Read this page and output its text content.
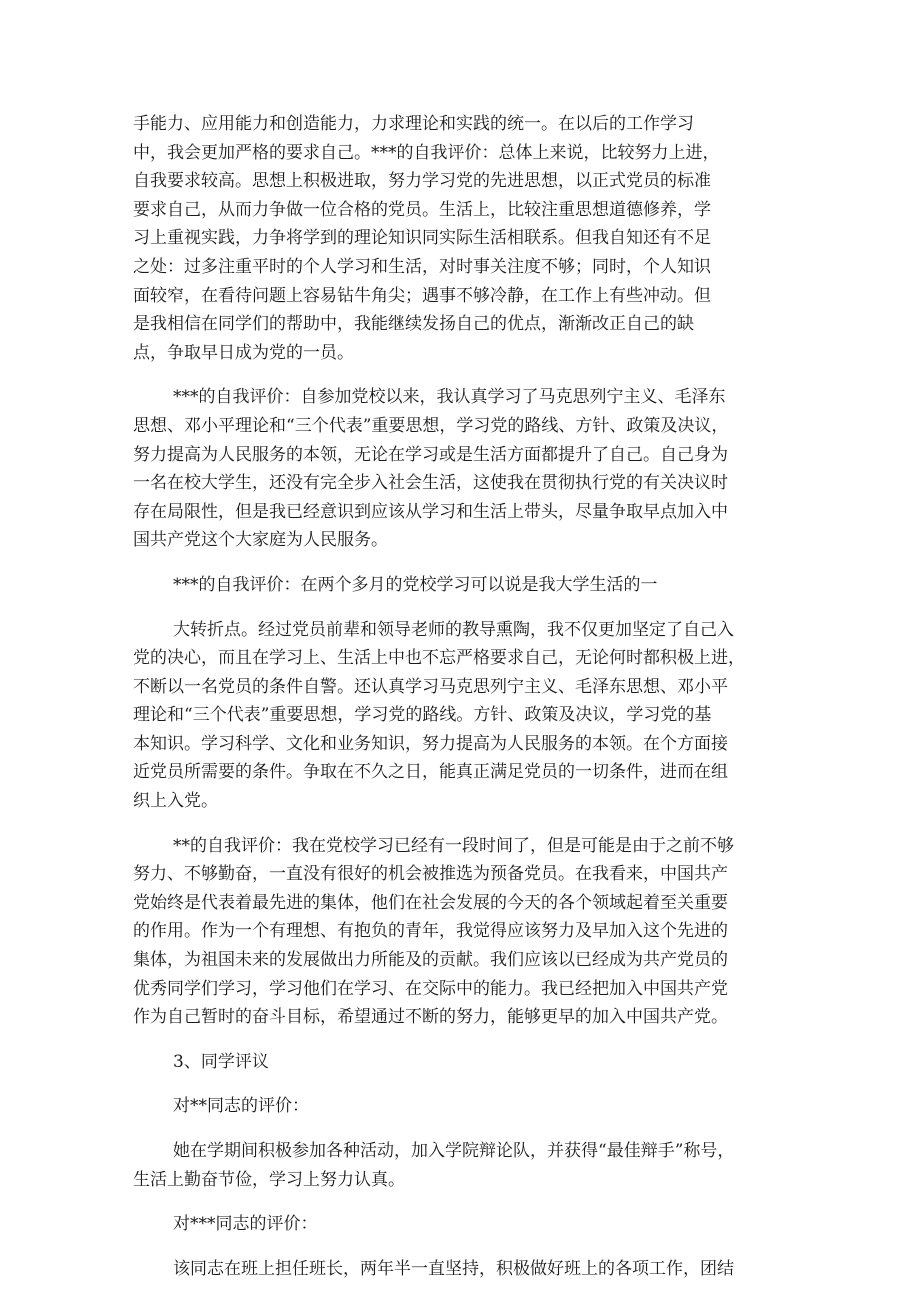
手能力、应用能力和创造能力，力求理论和实践的统一。在以后的工作学习
中，我会更加严格的要求自己。***的自我评价：总体上来说，比较努力上进，
自我要求较高。思想上积极进取，努力学习党的先进思想，以正式党员的标准
要求自己，从而力争做一位合格的党员。生活上，比较注重思想道德修养，学
习上重视实践，力争将学到的理论知识同实际生活相联系。但我自知还有不足
之处：过多注重平时的个人学习和生活，对时事关注度不够；同时，个人知识
面较窄，在看待问题上容易钻牛角尖；遇事不够冷静，在工作上有些冲动。但
是我相信在同学们的帮助中，我能继续发扬自己的优点，渐渐改正自己的缺
点，争取早日成为党的一员。
***的自我评价：自参加党校以来，我认真学习了马克思列宁主义、毛泽东
思想、邓小平理论和“三个代表”重要思想，学习党的路线、方针、政策及决议，
努力提高为人民服务的本领，无论在学习或是生活方面都提升了自己。自己身为
一名在校大学生，还没有完全步入社会生活，这使我在贯彻执行党的有关决议时
存在局限性，但是我已经意识到应该从学习和生活上带头，尽量争取早点加入中
国共产党这个大家庭为人民服务。
***的自我评价：在两个多月的党校学习可以说是我大学生活的一
大转折点。经过党员前辈和领导老师的教导熏陶，我不仅更加坚定了自己入
党的决心，而且在学习上、生活上中也不忘严格要求自己，无论何时都积极上进，
不断以一名党员的条件自警。还认真学习马克思列宁主义、毛泽东思想、邓小平
理论和“三个代表”重要思想，学习党的路线。方针、政策及决议，学习党的基
本知识。学习科学、文化和业务知识，努力提高为人民服务的本领。在个方面接
近党员所需要的条件。争取在不久之日，能真正满足党员的一切条件，进而在组
织上入党。
**的自我评价：我在党校学习已经有一段时间了，但是可能是由于之前不够
努力、不够勤奋，一直没有很好的机会被推选为预备党员。在我看来，中国共产
党始终是代表着最先进的集体，他们在社会发展的今天的各个领域起着至关重要
的作用。作为一个有理想、有抱负的青年，我觉得应该努力及早加入这个先进的
集体，为祖国未来的发展做出力所能及的贡献。我们应该以已经成为共产党员的
优秀同学们学习，学习他们在学习、在交际中的能力。我已经把加入中国共产党
作为自己暂时的奋斗目标，希望通过不断的努力，能够更早的加入中国共产党。
3、同学评议
对**同志的评价：
她在学期间积极参加各种活动，加入学院辩论队，并获得“最佳辩手”称号，
生活上勤奋节俭，学习上努力认真。
对***同志的评价：
该同志在班上担任班长，两年半一直坚持，积极做好班上的各项工作，团结
